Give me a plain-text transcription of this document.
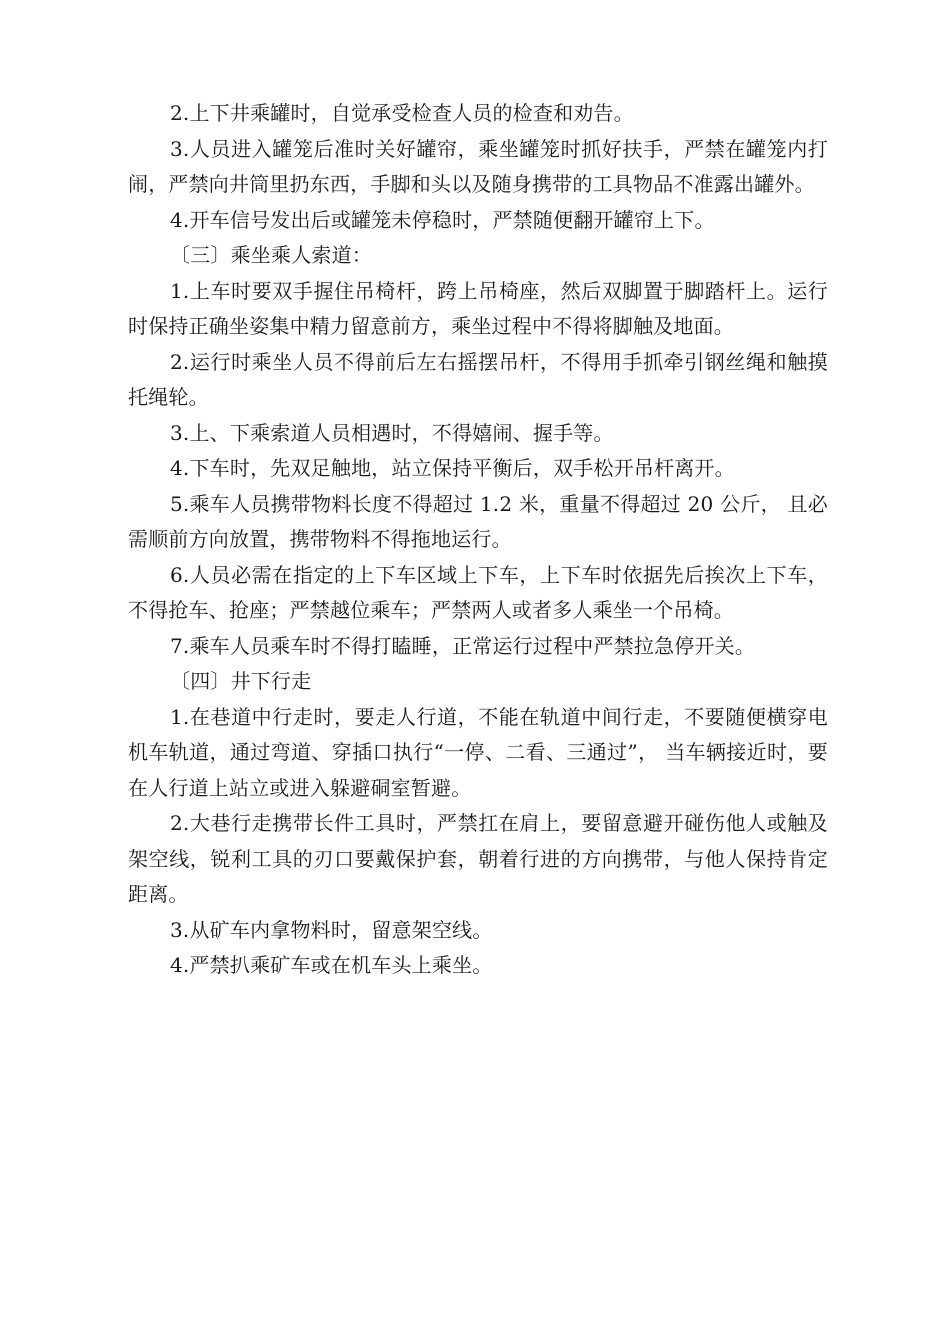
2.上下井乘罐时，自觉承受检查人员的检查和劝告。

3.人员进入罐笼后准时关好罐帘，乘坐罐笼时抓好扶手，严禁在罐笼内打闹，严禁向井筒里扔东西，手脚和头以及随身携带的工具物品不准露出罐外。

4.开车信号发出后或罐笼未停稳时，严禁随便翻开罐帘上下。

〔三〕乘坐乘人索道：

1.上车时要双手握住吊椅杆，跨上吊椅座，然后双脚置于脚踏杆上。运行时保持正确坐姿集中精力留意前方，乘坐过程中不得将脚触及地面。

2.运行时乘坐人员不得前后左右摇摆吊杆，不得用手抓牵引钢丝绳和触摸托绳轮。

3.上、下乘索道人员相遇时，不得嬉闹、握手等。

4.下车时，先双足触地，站立保持平衡后，双手松开吊杆离开。

5.乘车人员携带物料长度不得超过 1.2 米，重量不得超过 20 公斤， 且必需顺前方向放置，携带物料不得拖地运行。

6.人员必需在指定的上下车区域上下车，上下车时依据先后挨次上下车，不得抢车、抢座；严禁越位乘车；严禁两人或者多人乘坐一个吊椅。

7.乘车人员乘车时不得打瞌睡，正常运行过程中严禁拉急停开关。

〔四〕井下行走

1.在巷道中行走时，要走人行道，不能在轨道中间行走，不要随便横穿电机车轨道，通过弯道、穿插口执行“一停、二看、三通过”， 当车辆接近时，要在人行道上站立或进入躲避硐室暂避。

2.大巷行走携带长件工具时，严禁扛在肩上，要留意避开碰伤他人或触及架空线，锐利工具的刃口要戴保护套，朝着行进的方向携带，与他人保持肯定距离。

3.从矿车内拿物料时，留意架空线。

4.严禁扒乘矿车或在机车头上乘坐。
